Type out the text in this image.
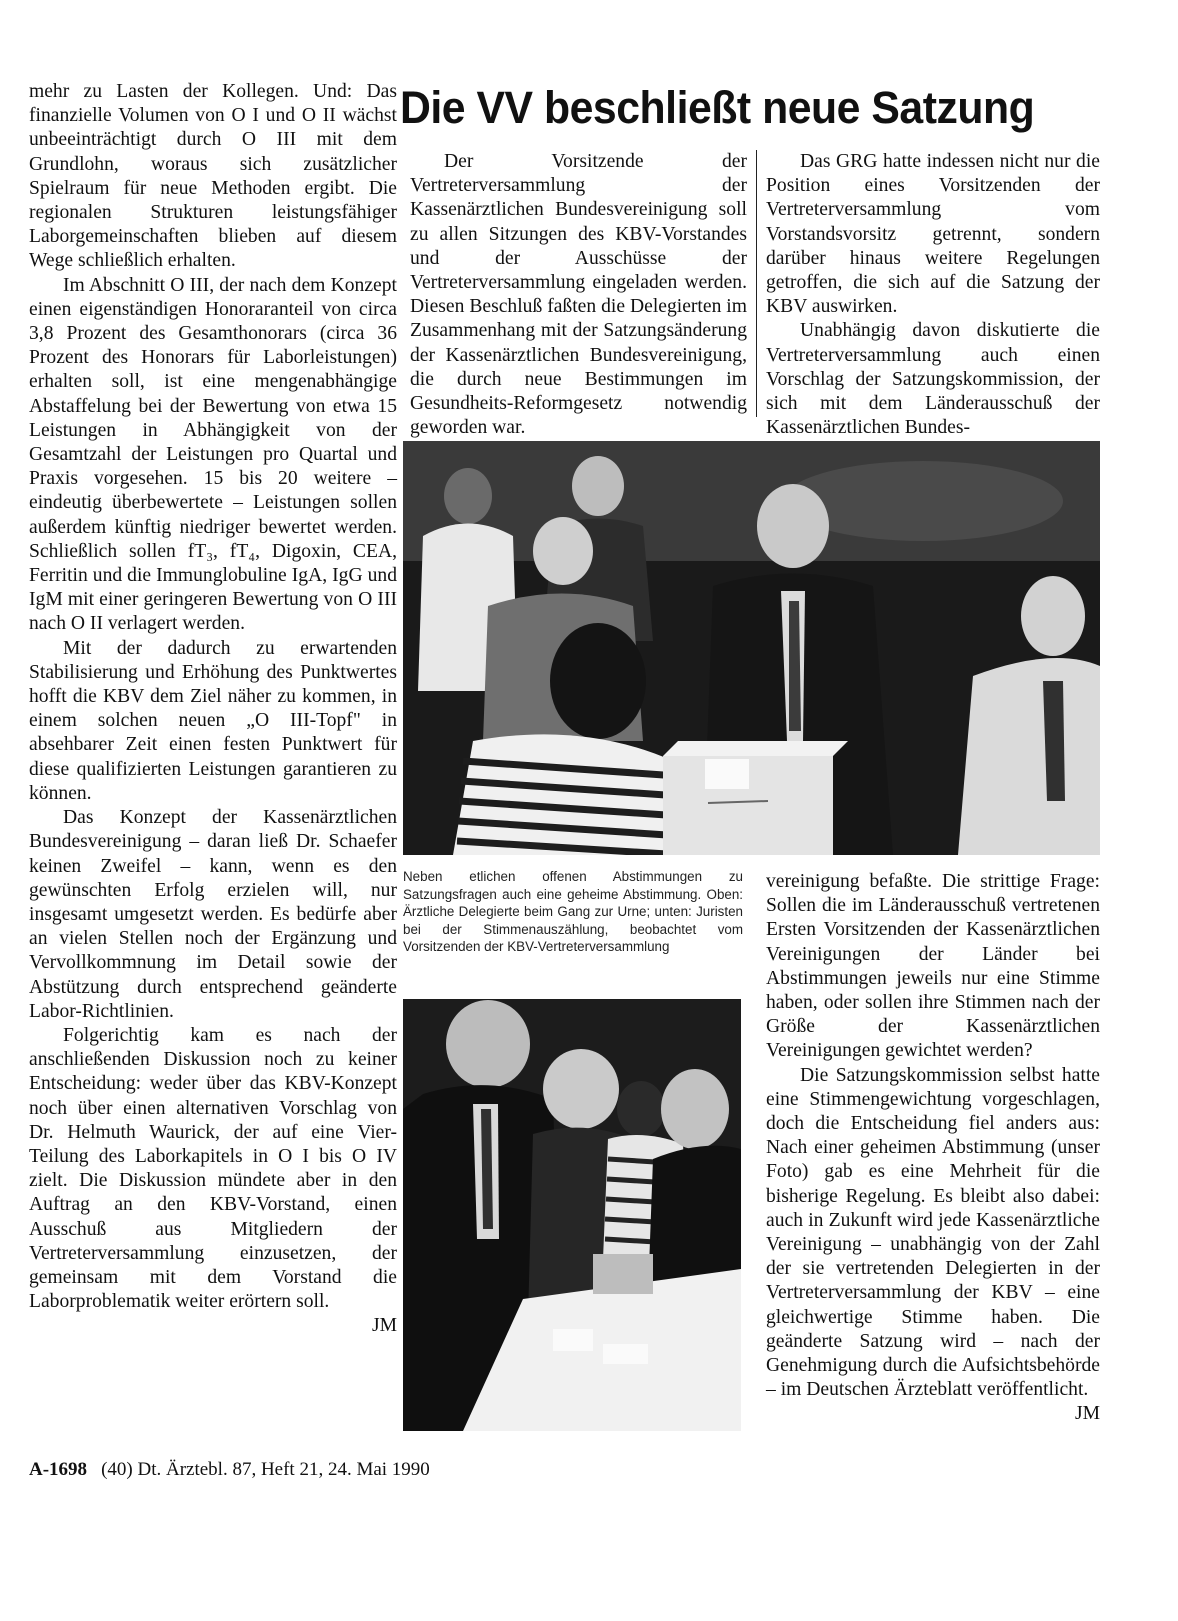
mehr zu Lasten der Kollegen. Und: Das finanzielle Volumen von O I und O II wächst unbeeinträchtigt durch O III mit dem Grundlohn, woraus sich zusätzlicher Spielraum für neue Methoden ergibt. Die regionalen Strukturen leistungsfähiger Laborgemeinschaften blieben auf diesem Wege schließlich erhalten.

Im Abschnitt O III, der nach dem Konzept einen eigenständigen Honoraranteil von circa 3,8 Prozent des Gesamthonorars (circa 36 Prozent des Honorars für Laborleistungen) erhalten soll, ist eine mengenabhängige Abstaffelung bei der Bewertung von etwa 15 Leistungen in Abhängigkeit von der Gesamtzahl der Leistungen pro Quartal und Praxis vorgesehen. 15 bis 20 weitere – eindeutig überbewertete – Leistungen sollen außerdem künftig niedriger bewertet werden. Schließlich sollen fT₃, fT₄, Digoxin, CEA, Ferritin und die Immunglobuline IgA, IgG und IgM mit einer geringeren Bewertung von O III nach O II verlagert werden.

Mit der dadurch zu erwartenden Stabilisierung und Erhöhung des Punktwertes hofft die KBV dem Ziel näher zu kommen, in einem solchen neuen „O III-Topf" in absehbarer Zeit einen festen Punktwert für diese qualifizierten Leistungen garantieren zu können.

Das Konzept der Kassenärztlichen Bundesvereinigung – daran ließ Dr. Schaefer keinen Zweifel – kann, wenn es den gewünschten Erfolg erzielen will, nur insgesamt umgesetzt werden. Es bedürfe aber an vielen Stellen noch der Ergänzung und Vervollkommnung im Detail sowie der Abstützung durch entsprechend geänderte Labor-Richtlinien.

Folgerichtig kam es nach der anschließenden Diskussion noch zu keiner Entscheidung: weder über das KBV-Konzept noch über einen alternativen Vorschlag von Dr. Helmuth Waurick, der auf eine Vier-Teilung des Laborkapitels in O I bis O IV zielt. Die Diskussion mündete aber in den Auftrag an den KBV-Vorstand, einen Ausschuß aus Mitgliedern der Vertreterversammlung einzusetzen, der gemeinsam mit dem Vorstand die Laborproblematik weiter erörtern soll.

JM
Die VV beschließt neue Satzung

Der Vorsitzende der Vertreterversammlung der Kassenärztlichen Bundesvereinigung soll zu allen Sitzungen des KBV-Vorstandes und der Ausschüsse der Vertreterversammlung eingeladen werden. Diesen Beschluß faßten die Delegierten im Zusammenhang mit der Satzungsänderung der Kassenärztlichen Bundesvereinigung, die durch neue Bestimmungen im Gesundheits-Reformgesetz notwendig geworden war.

Das GRG hatte indessen nicht nur die Position eines Vorsitzenden der Vertreterversammlung vom Vorstandsvorsitz getrennt, sondern darüber hinaus weitere Regelungen getroffen, die sich auf die Satzung der KBV auswirken.

Unabhängig davon diskutierte die Vertreterversammlung auch einen Vorschlag der Satzungskommission, der sich mit dem Länderausschuß der Kassenärztlichen Bundes-

Neben etlichen offenen Abstimmungen zu Satzungsfragen auch eine geheime Abstimmung. Oben: Ärztliche Delegierte beim Gang zur Urne; unten: Juristen bei der Stimmenauszählung, beobachtet vom Vorsitzenden der KBV-Vertreterversammlung

vereinigung befaßte. Die strittige Frage: Sollen die im Länderausschuß vertretenen Ersten Vorsitzenden der Kassenärztlichen Vereinigungen der Länder bei Abstimmungen jeweils nur eine Stimme haben, oder sollen ihre Stimmen nach der Größe der Kassenärztlichen Vereinigungen gewichtet werden?

Die Satzungskommission selbst hatte eine Stimmengewichtung vorgeschlagen, doch die Entscheidung fiel anders aus: Nach einer geheimen Abstimmung (unser Foto) gab es eine Mehrheit für die bisherige Regelung. Es bleibt also dabei: auch in Zukunft wird jede Kassenärztliche Vereinigung – unabhängig von der Zahl der sie vertretenden Delegierten in der Vertreterversammlung der KBV – eine gleichwertige Stimme haben. Die geänderte Satzung wird – nach der Genehmigung durch die Aufsichtsbehörde – im Deutschen Ärzteblatt veröffentlicht.

JM
A-1698 (40) Dt. Ärztebl. 87, Heft 21, 24. Mai 1990
